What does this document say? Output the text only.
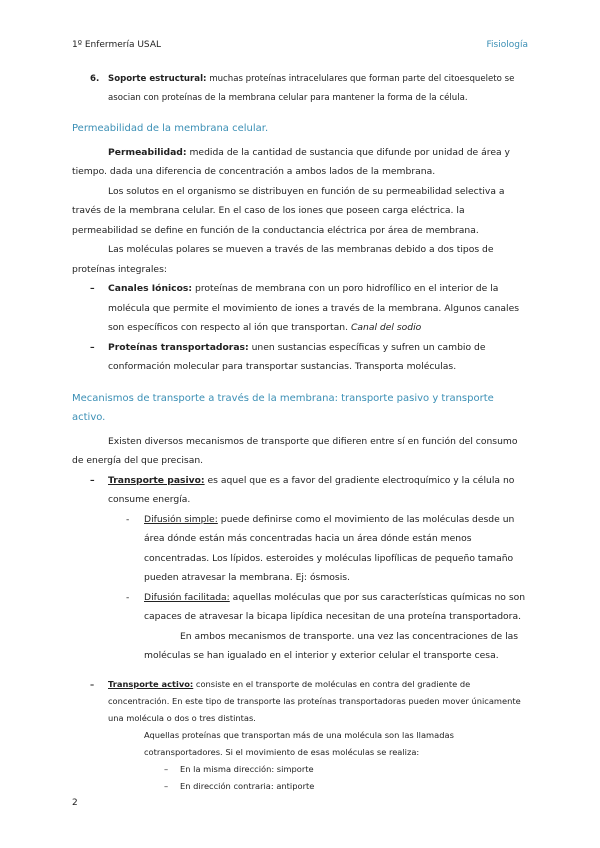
1º Enfermería USAL	Fisiología

6. Soporte estructural: muchas proteínas intracelulares que forman parte del citoesqueleto se asocian con proteínas de la membrana celular para mantener la forma de la célula.

Permeabilidad de la membrana celular.

Permeabilidad: medida de la cantidad de sustancia que difunde por unidad de área y tiempo. dada una diferencia de concentración a ambos lados de la membrana.

Los solutos en el organismo se distribuyen en función de su permeabilidad selectiva a través de la membrana celular. En el caso de los iones que poseen carga eléctrica. la permeabilidad se define en función de la conductancia eléctrica por área de membrana.

Las moléculas polares se mueven a través de las membranas debido a dos tipos de proteínas integrales:

– Canales Iónicos: proteínas de membrana con un poro hidrofílico en el interior de la molécula que permite el movimiento de iones a través de la membrana. Algunos canales son específicos con respecto al ión que transportan. Canal del sodio

– Proteínas transportadoras: unen sustancias específicas y sufren un cambio de conformación molecular para transportar sustancias. Transporta moléculas.

Mecanismos de transporte a través de la membrana: transporte pasivo y transporte activo.

Existen diversos mecanismos de transporte que difieren entre sí en función del consumo de energía del que precisan.

– Transporte pasivo: es aquel que es a favor del gradiente electroquímico y la célula no consume energía.

- Difusión simple: puede definirse como el movimiento de las moléculas desde un área dónde están más concentradas hacia un área dónde están menos concentradas. Los lípidos. esteroides y moléculas lipofílicas de pequeño tamaño pueden atravesar la membrana. Ej: ósmosis.

- Difusión facilitada: aquellas moléculas que por sus características químicas no son capaces de atravesar la bicapa lipídica necesitan de una proteína transportadora.

En ambos mecanismos de transporte. una vez las concentraciones de las moléculas se han igualado en el interior y exterior celular el transporte cesa.

– Transporte activo: consiste en el transporte de moléculas en contra del gradiente de concentración. En este tipo de transporte las proteínas transportadoras pueden mover únicamente una molécula o dos o tres distintas.

Aquellas proteínas que transportan más de una molécula son las llamadas cotransportadores. Si el movimiento de esas moléculas se realiza:

– En la misma dirección: simporte

– En dirección contraria: antiporte

2
